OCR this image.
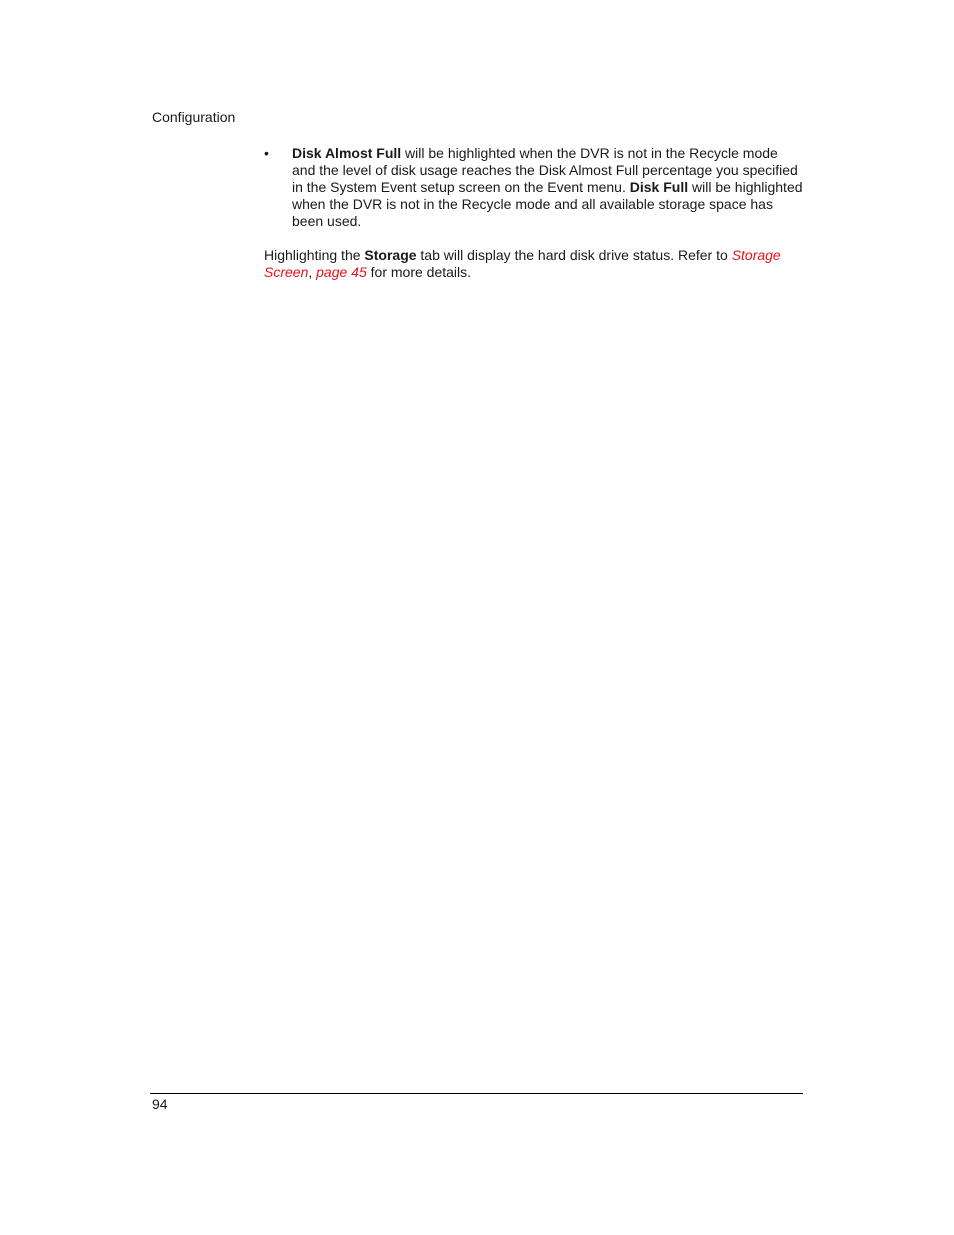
Configuration

• Disk Almost Full will be highlighted when the DVR is not in the Recycle mode and the level of disk usage reaches the Disk Almost Full percentage you specified in the System Event setup screen on the Event menu. Disk Full will be highlighted when the DVR is not in the Recycle mode and all available storage space has been used.

Highlighting the Storage tab will display the hard disk drive status. Refer to Storage Screen, page 45 for more details.

94
